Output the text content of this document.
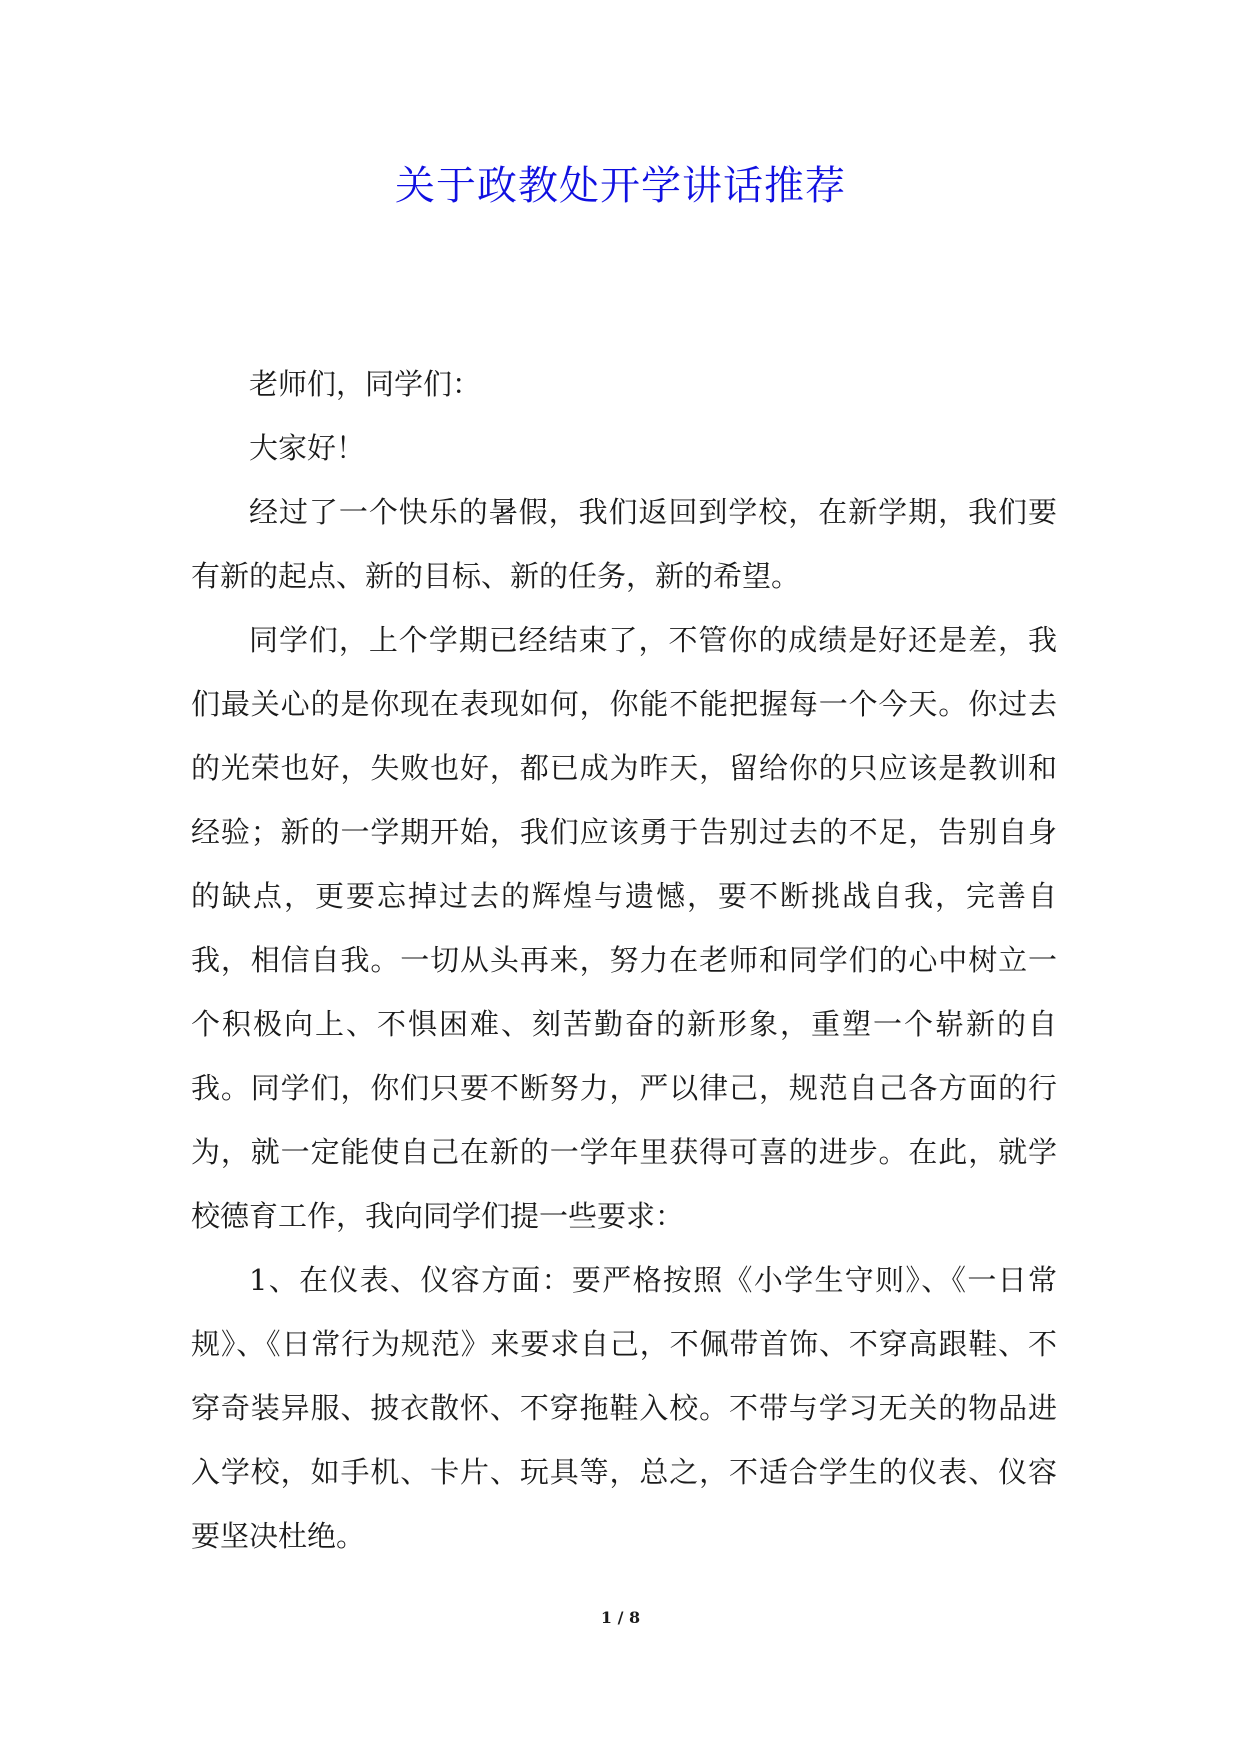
关于政教处开学讲话推荐

老师们，同学们：

大家好！

经过了一个快乐的暑假，我们返回到学校，在新学期，我们要有新的起点、新的目标、新的任务，新的希望。

同学们，上个学期已经结束了，不管你的成绩是好还是差，我们最关心的是你现在表现如何，你能不能把握每一个今天。你过去的光荣也好，失败也好，都已成为昨天，留给你的只应该是教训和经验；新的一学期开始，我们应该勇于告别过去的不足，告别自身的缺点，更要忘掉过去的辉煌与遗憾，要不断挑战自我，完善自我，相信自我。一切从头再来，努力在老师和同学们的心中树立一个积极向上、不惧困难、刻苦勤奋的新形象，重塑一个崭新的自我。同学们，你们只要不断努力，严以律己，规范自己各方面的行为，就一定能使自己在新的一学年里获得可喜的进步。在此，就学校德育工作，我向同学们提一些要求：

1、在仪表、仪容方面：要严格按照《小学生守则》、《一日常规》、《日常行为规范》来要求自己，不佩带首饰、不穿高跟鞋、不穿奇装异服、披衣散怀、不穿拖鞋入校。不带与学习无关的物品进入学校，如手机、卡片、玩具等，总之，不适合学生的仪表、仪容要坚决杜绝。

1 / 8
